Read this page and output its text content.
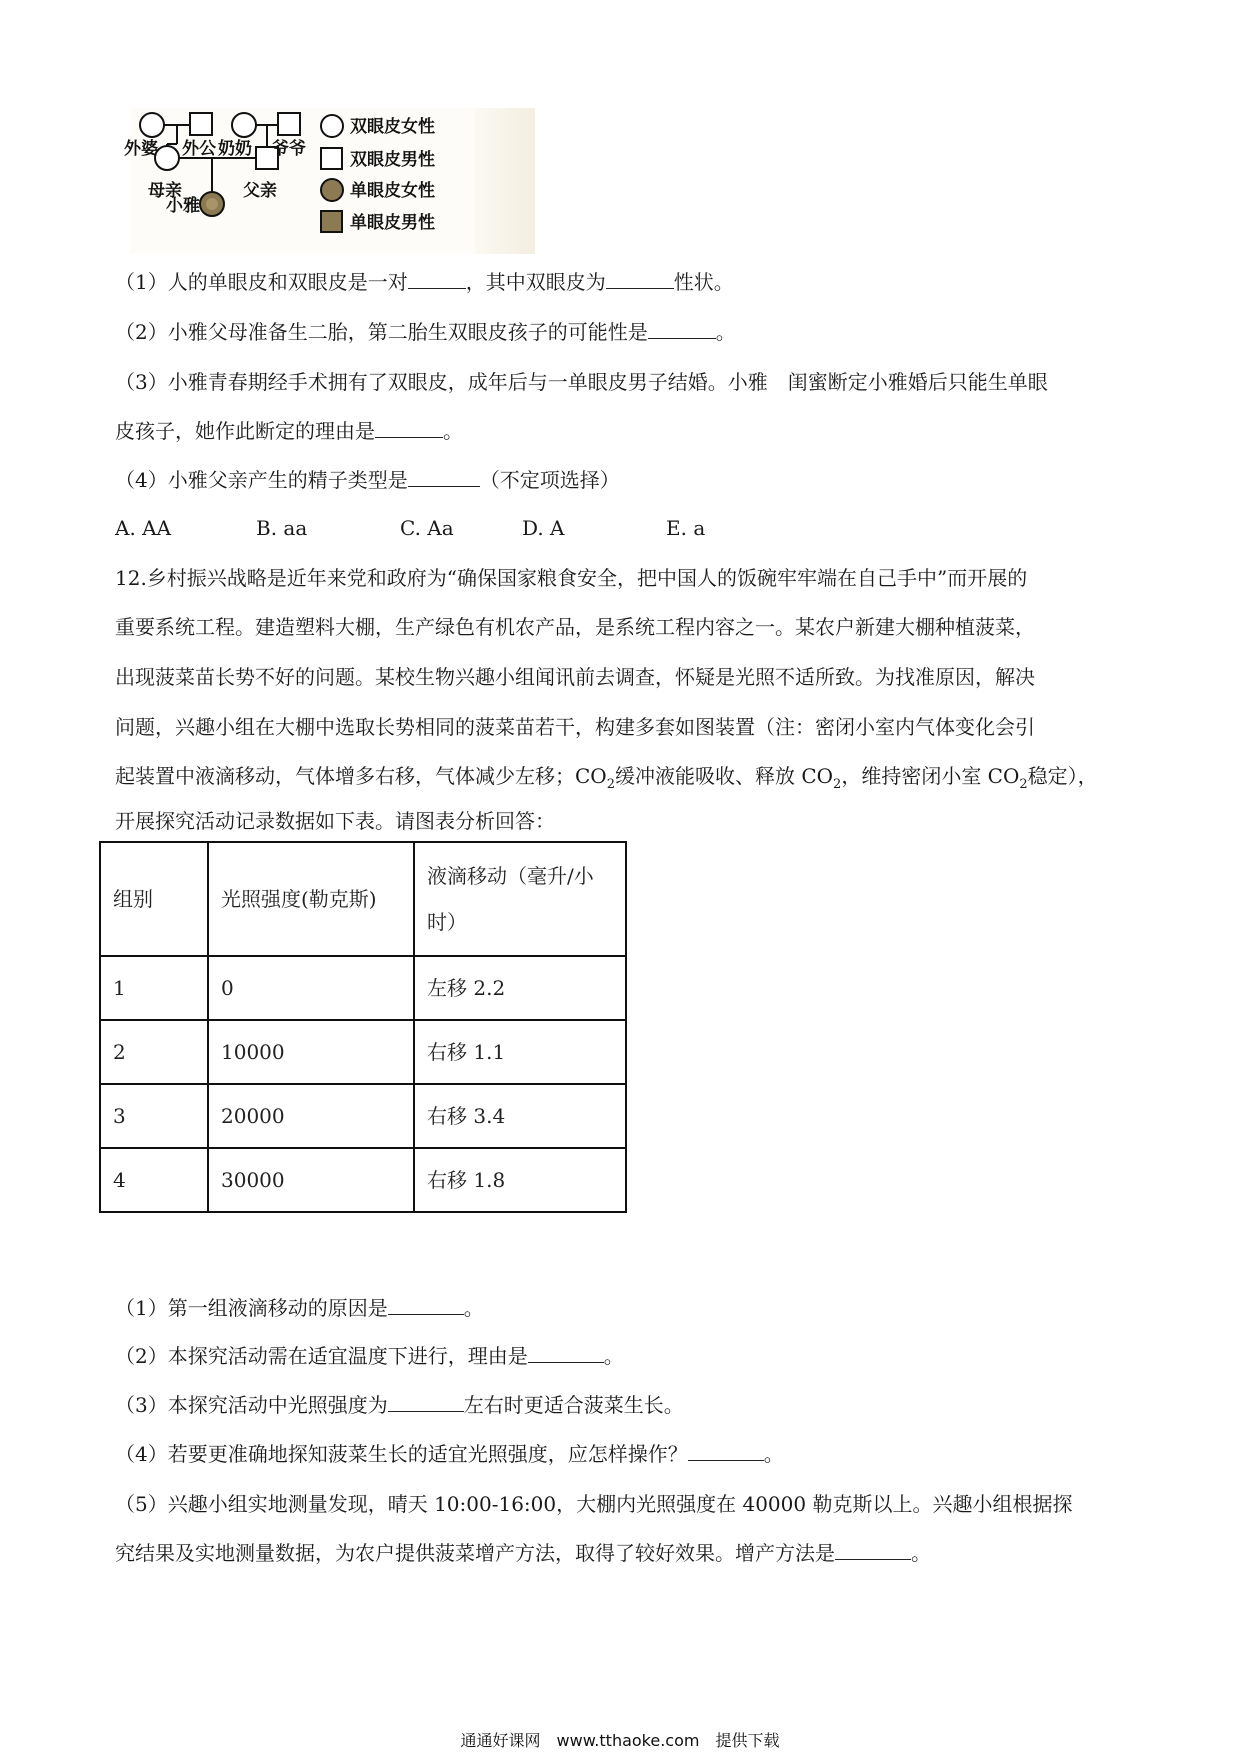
外婆 外公 奶奶 爷爷
母亲	父亲
小雅
双眼皮女性
双眼皮男性
单眼皮女性
单眼皮男性
（1）人的单眼皮和双眼皮是一对	，其中双眼皮为	性状。
（2）小雅父母准备生二胎，第二胎生双眼皮孩子的可能性是	。
（3）小雅青春期经手术拥有了双眼皮，成年后与一单眼皮男子结婚。小雅　闺蜜断定小雅婚后只能生单眼
皮孩子，她作此断定的理由是	。
（4）小雅父亲产生的精子类型是	（不定项选择）
A. AA	B. aa	C. Aa	D. A	E. a
12.乡村振兴战略是近年来党和政府为“确保国家粮食安全，把中国人的饭碗牢牢端在自己手中”而开展的
重要系统工程。建造塑料大棚，生产绿色有机农产品，是系统工程内容之一。某农户新建大棚种植菠菜，
出现菠菜苗长势不好的问题。某校生物兴趣小组闻讯前去调查，怀疑是光照不适所致。为找准原因，解决
问题，兴趣小组在大棚中选取长势相同的菠菜苗若干，构建多套如图装置（注：密闭小室内气体变化会引
起装置中液滴移动，气体增多右移，气体减少左移；$CO_2$缓冲液能吸收、释放 $CO_2$，维持密闭小室 $CO_2$稳定），
开展探究活动记录数据如下表。请图表分析回答：
组别	光照强度(勒克斯)	液滴移动（毫升/小时）
1	0	左移 2.2
2	10000	右移 1.1
3	20000	右移 3.4
4	30000	右移 1.8
（1）第一组液滴移动的原因是	。
（2）本探究活动需在适宜温度下进行，理由是	。
（3）本探究活动中光照强度为	左右时更适合菠菜生长。
（4）若要更准确地探知菠菜生长的适宜光照强度，应怎样操作？	。
（5）兴趣小组实地测量发现，晴天 10:00-16:00，大棚内光照强度在 40000 勒克斯以上。兴趣小组根据探
究结果及实地测量数据，为农户提供菠菜增产方法，取得了较好效果。增产方法是	。
通通好课网　www.tthaoke.com　提供下载
